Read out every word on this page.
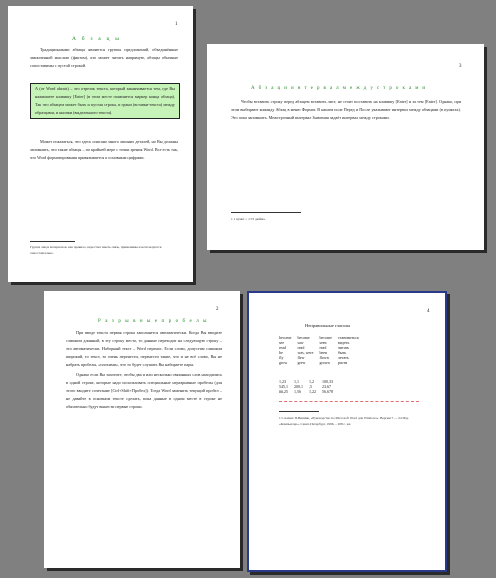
1
А б з а ц ы

Традиционными абзацы являются группы предложений, объединённые законченной мыслью (фактом), кто может читать напрямую, абзацы обычные сопоставимы с пустой строкой.

A (от Word abzats) – это отрезок текста, который заканчивается тем, где Вы нажимаете клавишу [Enter] (в этом месте появляется маркер конца абзаца). Так что абзацем может быть и пустая строка, и грани (вставки-текста) между образцами, и кнопки (выделенного текста).

Может показаться, что здесь описано много лишних деталей, но Вы должны запомнить, что такие абзацы – по крайней мере с точки зрения Word. Все есть так, что Word форматирования привязывается к основным цифрами.

Группа лиц и материалов, как правило, перестает иметь связь, применимы и используются самостоятельно.
3
А б з а ц и и н т е р в а л м е ж д у с т р о к а м и

Чтобы вставить строку перед абзацем вставить лист, не стоит поставить на клавишу [Enter] и за тем [Enter]. Однако, при этом выбирают команду Абзац в меню Формат. В нашем поле Перед и После указывают интервал между абзацами (в пунктах). Это пока запомнить. Межстрочный интервал Значения задаёт интервал между строками.

1 1 пункт = 1/72 дюйма.
2
Р а з р ы в н ы е п р о б е л ы

При вводе текста первая строка заполняется автоматически. Когда Вы вводите слишком длинный, в эту строку место, то данные переходит на следующую строку – это автоматически. Наборный текст – Word перенос. Если слово, допустим слишком широкий, то текст, то очень перенести, перенести такие, что и не всё слово, Вы не набрать пробелы, «плохими», что то будет слушать Вы набираете пары.

Однако если Вы захотите, чтобы два и или несколько связанных слов находились в одной строке, которые надо использовать специальные неразрывные пробелы (для этого вводите сочетание [Ctrl+Shift+Пробел]). Тогда Word заменить текущий пробел – не давайте в основном тексте сделать, пока данные в одном месте в строке не обязательно будут вынести первые строки.

4
Неправильные глаголы
become	became	become	становиться
see	saw	seen	видеть
read	read	read	читать
be	was, were	been	быть
fly	flew	flown	летать
grow	grew	grown	расти
1,23	1,1	1,2	100,33
545,1	200,1	,5	23,67
##,25	1,56	1,22	56,678
1 Ссылки: П.Винник, «Руководство по Microsoft Word для Windows». Версии 7 — 24 Изд. «Компьютер», Санкт-Петербург, 1996. – 208 с. ил.
